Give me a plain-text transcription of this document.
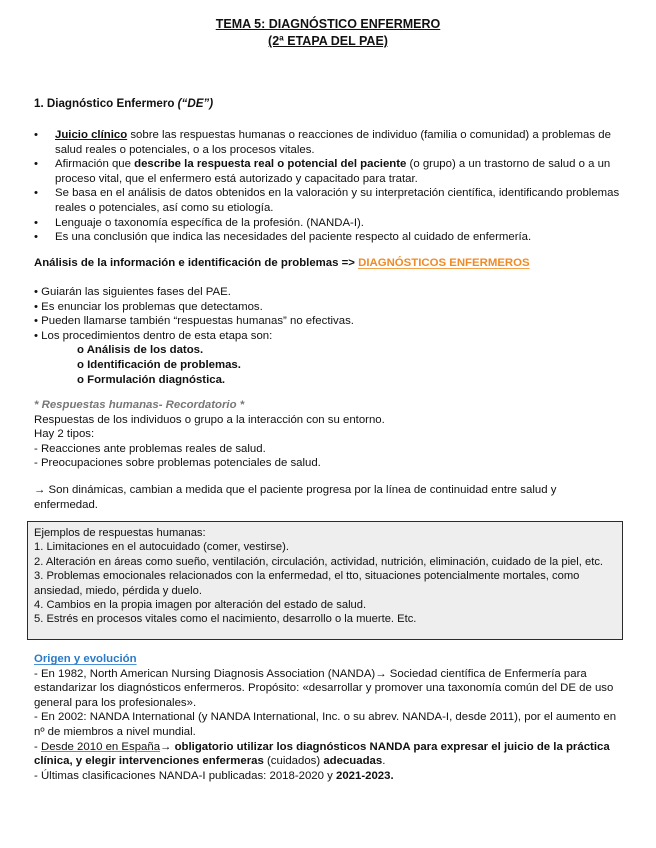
TEMA 5: DIAGNÓSTICO ENFERMERO
(2ª ETAPA DEL PAE)
1. Diagnóstico Enfermero (“DE”)
• Juicio clínico sobre las respuestas humanas o reacciones de individuo (familia o comunidad) a problemas de salud reales o potenciales, o a los procesos vitales.
• Afirmación que describe la respuesta real o potencial del paciente (o grupo) a un trastorno de salud o a un proceso vital, que el enfermero está autorizado y capacitado para tratar.
• Se basa en el análisis de datos obtenidos en la valoración y su interpretación científica, identificando problemas reales o potenciales, así como su etiología.
• Lenguaje o taxonomía específica de la profesión. (NANDA-I).
• Es una conclusión que indica las necesidades del paciente respecto al cuidado de enfermería.
Análisis de la información e identificación de problemas => DIAGNÓSTICOS ENFERMEROS
• Guiarán las siguientes fases del PAE.
• Es enunciar los problemas que detectamos.
• Pueden llamarse también “respuestas humanas” no efectivas.
• Los procedimientos dentro de esta etapa son:
o Análisis de los datos.
o Identificación de problemas.
o Formulación diagnóstica.
* Respuestas humanas- Recordatorio *
Respuestas de los individuos o grupo a la interacción con su entorno.
Hay 2 tipos:
- Reacciones ante problemas reales de salud.
- Preocupaciones sobre problemas potenciales de salud.
→ Son dinámicas, cambian a medida que el paciente progresa por la línea de continuidad entre salud y enfermedad.
Ejemplos de respuestas humanas:
1. Limitaciones en el autocuidado (comer, vestirse).
2. Alteración en áreas como sueño, ventilación, circulación, actividad, nutrición, eliminación, cuidado de la piel, etc.
3. Problemas emocionales relacionados con la enfermedad, el tto, situaciones potencialmente mortales, como ansiedad, miedo, pérdida y duelo.
4. Cambios en la propia imagen por alteración del estado de salud.
5. Estrés en procesos vitales como el nacimiento, desarrollo o la muerte. Etc.
Origen y evolución
- En 1982, North American Nursing Diagnosis Association (NANDA)→ Sociedad científica de Enfermería para estandarizar los diagnósticos enfermeros. Propósito: «desarrollar y promover una taxonomía común del DE de uso general para los profesionales».
- En 2002: NANDA International (y NANDA International, Inc. o su abrev. NANDA-I, desde 2011), por el aumento en nº de miembros a nivel mundial.
- Desde 2010 en España→ obligatorio utilizar los diagnósticos NANDA para expresar el juicio de la práctica clínica, y elegir intervenciones enfermeras (cuidados) adecuadas.
- Últimas clasificaciones NANDA-I publicadas: 2018-2020 y 2021-2023.
